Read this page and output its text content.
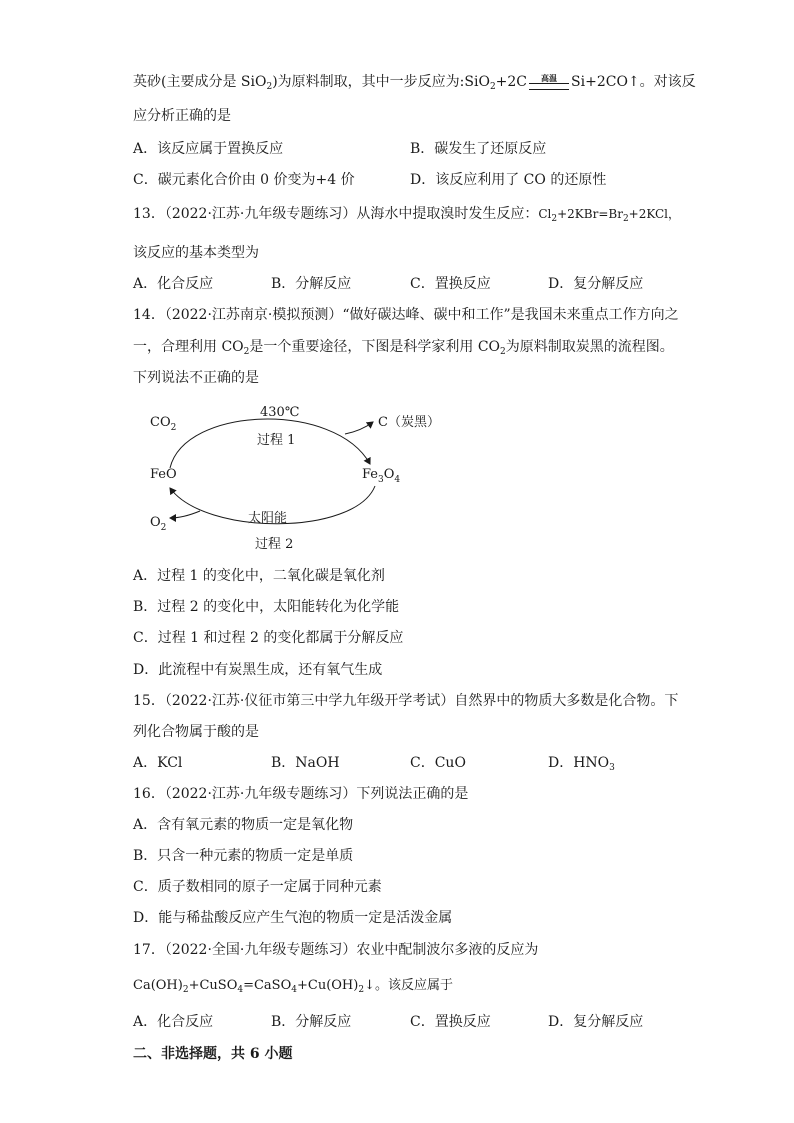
英砂(主要成分是 SiO$_2$)为原料制取，其中一步反应为:SiO$_2$+2C	高温	Si+2CO↑。对该反
应分析正确的是
A．该反应属于置换反应	B．碳发生了还原反应
C．碳元素化合价由 0 价变为+4 价	D．该反应利用了 CO 的还原性
13．（2022·江苏·九年级专题练习）从海水中提取溴时发生反应：$Cl_2+2KBr=Br_2+2KCl$，
该反应的基本类型为
A．化合反应	B．分解反应	C．置换反应	D．复分解反应
14．（2022·江苏南京·模拟预测）“做好碳达峰、碳中和工作”是我国未来重点工作方向之
一，合理利用 $CO_2$是一个重要途径，下图是科学家利用 $CO_2$为原料制取炭黑的流程图。
下列说法不正确的是
$CO_2$
430℃
过程 1
C（炭黑）
FeO	$Fe_3O_4$
太阳能
$O_2$
过程 2
A．过程 1 的变化中，二氧化碳是氧化剂
B．过程 2 的变化中，太阳能转化为化学能
C．过程 1 和过程 2 的变化都属于分解反应
D．此流程中有炭黑生成，还有氧气生成
15．（2022·江苏·仪征市第三中学九年级开学考试）自然界中的物质大多数是化合物。下
列化合物属于酸的是
A．KCl	B．NaOH	C．CuO	D．$HNO_3$
16．（2022·江苏·九年级专题练习）下列说法正确的是
A．含有氧元素的物质一定是氧化物
B．只含一种元素的物质一定是单质
C．质子数相同的原子一定属于同种元素
D．能与稀盐酸反应产生气泡的物质一定是活泼金属
17．（2022·全国·九年级专题练习）农业中配制波尔多液的反应为
$Ca(OH)_2+CuSO_4=CaSO_4+Cu(OH)_2↓$。该反应属于
A．化合反应	B．分解反应	C．置换反应	D．复分解反应
二、非选择题，共 6 小题
